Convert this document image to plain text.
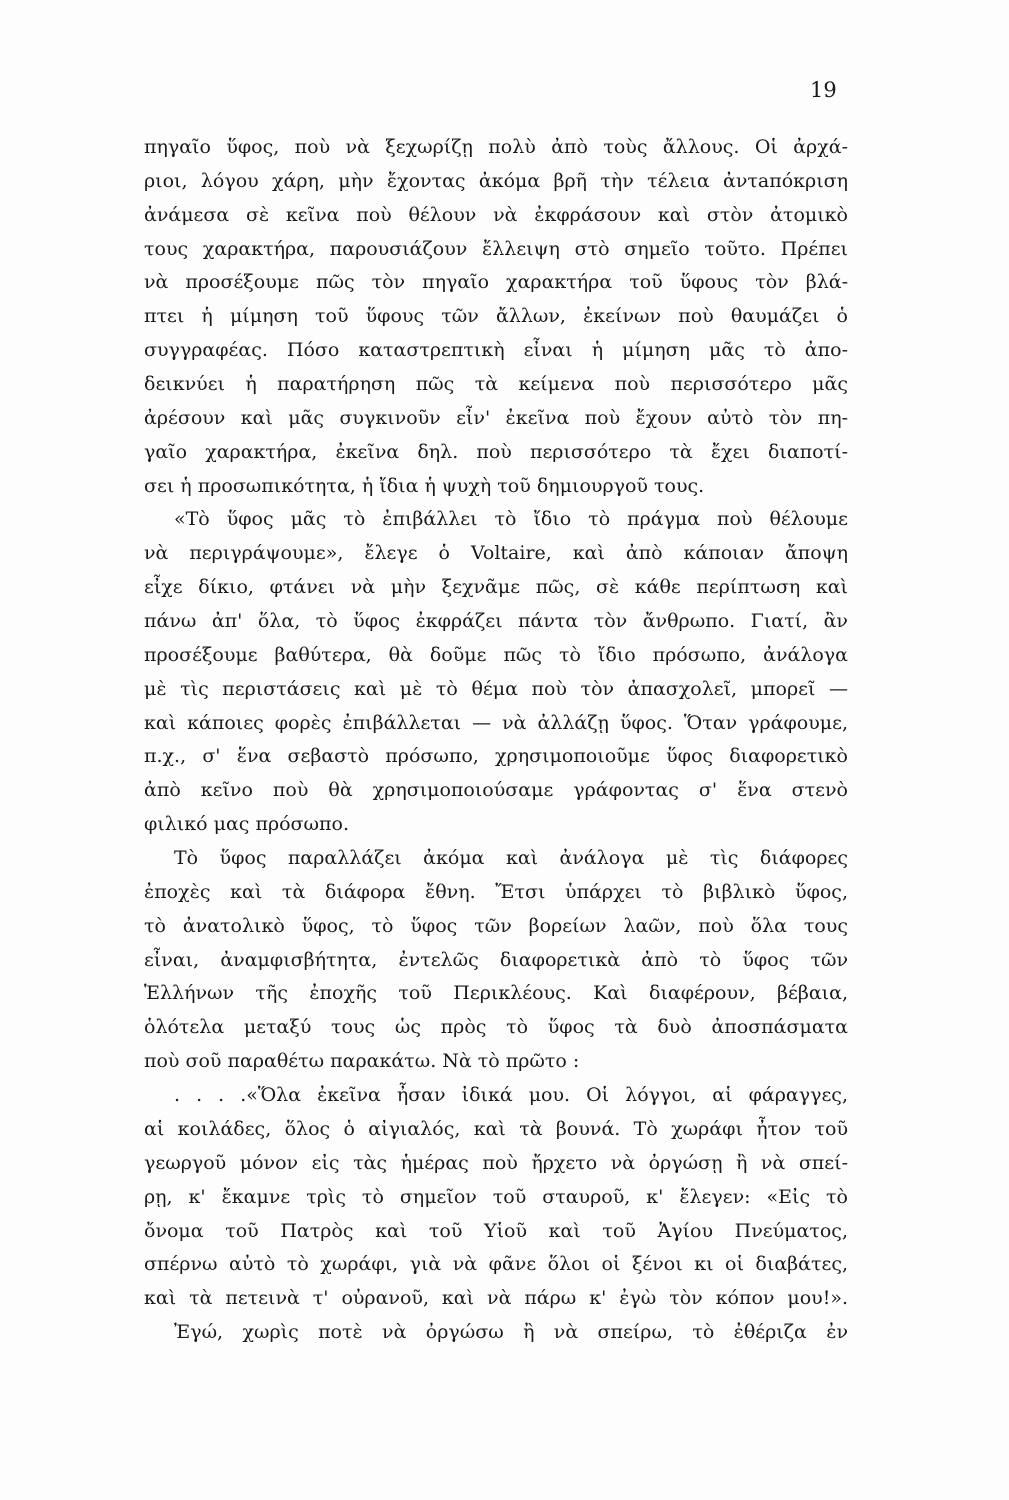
19
πηγαῖο ὕφος, ποὺ νὰ ξεχωρίζῃ πολὺ ἀπὸ τοὺς ἄλλους. Οἱ ἀρχά-
ριοι, λόγου χάρη, μὴν ἔχοντας ἀκόμα βρῆ τὴν τέλεια ἀντaπόκριση
ἀνάμεσα σὲ κεῖνα ποὺ θέλουν νὰ ἐκφράσουν καὶ στὸν ἀτομικὸ
τους χαρακτήρα, παρουσιάζουν ἔλλειψη στὸ σημεῖο τοῦτο. Πρέπει
νὰ προσέξουμε πῶς τὸν πηγαῖο χαρακτήρα τοῦ ὕφους τὸν βλά-
πτει ἡ μίμηση τοῦ ὕφους τῶν ἄλλων, ἐκείνων ποὺ θαυμάζει ὁ
συγγραφέας. Πόσο καταστρεπτικὴ εἶναι ἡ μίμηση μᾶς τὸ ἀπο-
δεικνύει ἡ παρατήρηση πῶς τὰ κείμενα ποὺ περισσότερο μᾶς
ἀρέσουν καὶ μᾶς συγκινοῦν εἶν' ἐκεῖνα ποὺ ἔχουν αὐτὸ τὸν πη-
γαῖο χαρακτήρα, ἐκεῖνα δηλ. ποὺ περισσότερο τὰ ἔχει διαποτί-
σει ἡ προσωπικότητα, ἡ ἴδια ἡ ψυχὴ τοῦ δημιουργοῦ τους.
«Τὸ ὕφος μᾶς τὸ ἐπιβάλλει τὸ ἴδιο τὸ πράγμα ποὺ θέλουμε
νὰ περιγράψουμε», ἔλεγε ὁ Voltaire, καὶ ἀπὸ κάποιαν ἄποψη
εἶχε δίκιο, φτάνει νὰ μὴν ξεχνᾶμε πῶς, σὲ κάθε περίπτωση καὶ
πάνω ἀπ' ὅλα, τὸ ὕφος ἐκφράζει πάντα τὸν ἄνθρωπο. Γιατί, ἂν
προσέξουμε βαθύτερα, θὰ δοῦμε πῶς τὸ ἴδιο πρόσωπο, ἀνάλογα
μὲ τὶς περιστάσεις καὶ μὲ τὸ θέμα ποὺ τὸν ἀπασχολεῖ, μπορεῖ —
καὶ κάποιες φορὲς ἐπιβάλλεται — νὰ ἀλλάζῃ ὕφος. Ὅταν γράφουμε,
π.χ., σ' ἕνα σεβαστὸ πρόσωπο, χρησιμοποιοῦμε ὕφος διαφορετικὸ
ἀπὸ κεῖνο ποὺ θὰ χρησιμοποιούσαμε γράφοντας σ' ἕνα στενὸ
φιλικό μας πρόσωπο.
Τὸ ὕφος παραλλάζει ἀκόμα καὶ ἀνάλογα μὲ τὶς διάφορες
ἐποχὲς καὶ τὰ διάφορα ἔθνη. Ἔτσι ὑπάρχει τὸ βιβλικὸ ὕφος,
τὸ ἀνατολικὸ ὕφος, τὸ ὕφος τῶν βορείων λαῶν, ποὺ ὅλα τους
εἶναι, ἀναμφισβήτητα, ἐντελῶς διαφορετικὰ ἀπὸ τὸ ὕφος τῶν
Ἑλλήνων τῆς ἐποχῆς τοῦ Περικλέους. Καὶ διαφέρουν, βέβαια,
ὁλότελα μεταξύ τους ὡς πρὸς τὸ ὕφος τὰ δυὸ ἀποσπάσματα
ποὺ σοῦ παραθέτω παρακάτω. Νὰ τὸ πρῶτο :
. . . .«Ὅλα ἐκεῖνα ἦσαν ἰδικά μου. Οἱ λόγγοι, αἱ φάραγγες,
αἱ κοιλάδες, ὅλος ὁ αἰγιαλός, καὶ τὰ βουνά. Τὸ χωράφι ἦτον τοῦ
γεωργοῦ μόνον εἰς τὰς ἡμέρας ποὺ ἤρχετο νὰ ὀργώσῃ ἢ νὰ σπεί-
ρῃ, κ' ἔκαμνε τρὶς τὸ σημεῖον τοῦ σταυροῦ, κ' ἔλεγεν: «Εἰς τὸ
ὄνομα τοῦ Πατρὸς καὶ τοῦ Υἱοῦ καὶ τοῦ Ἁγίου Πνεύματος,
σπέρνω αὐτὸ τὸ χωράφι, γιὰ νὰ φᾶνε ὅλοι οἱ ξένοι κι οἱ διαβάτες,
καὶ τὰ πετεινὰ τ' οὐρανοῦ, καὶ νὰ πάρω κ' ἐγὼ τὸν κόπον μου!».
Ἐγώ, χωρὶς ποτὲ νὰ ὀργώσω ἢ νὰ σπείρω, τὸ ἐθέριζα ἐν
